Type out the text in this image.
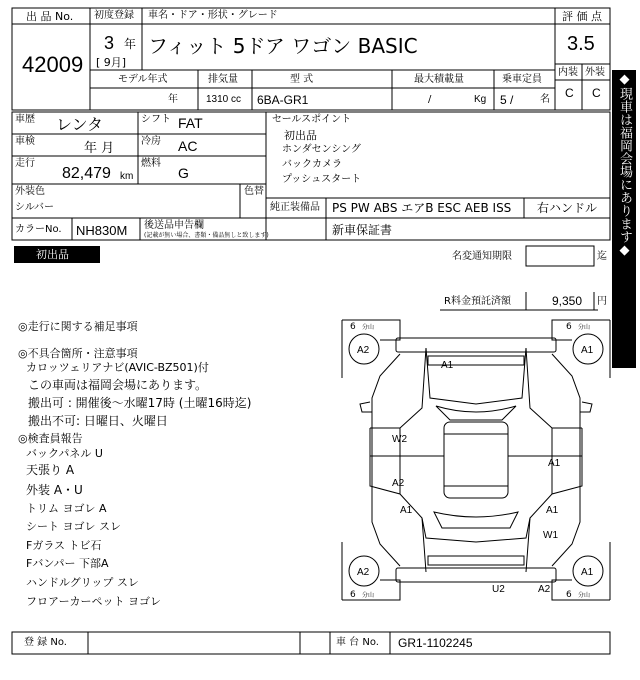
出 品 No.
42009
初度登録
3 年
[ 9月]
車名・ドア・形状・グレード
フィット 5ドア ワゴン BASIC
評 価 点
3.5
内装 外装
C C
モデル年式
年
排気量
1310 cc
型 式
6BA-GR1
最大積載量
/	Kg
乗車定員
5 /	名
車歴 レンタ	シフト FAT
車検	年 月	冷房 AC
走行
82,479 km
燃料
G
外装色
シルバー
色替
カラーNo. NH830M 後送品申告欄
(記載が無い場合、書類・備品無しと致します)
セールスポイント
初出品
ホンダセンシング
バックカメラ
プッシュスタート
純正装備品 PS PW ABS エアB ESC AEB ISS 右ハンドル
新車保証書
初出品	◆現車は福岡会場にあります◆
名変通知期限	迄
R料金預託済額	9,350 円
◎走行に関する補足事項
◎不具合箇所・注意事項
カロッツェリアナビ(AVIC-BZ501)付
この車両は福岡会場にあります。
搬出可 : 開催後～水曜17時 (土曜16時迄)
搬出不可: 日曜日、火曜日
◎検査員報告
バックパネル U
天張り A
外装 A・U
トリム ヨゴレ A
シート ヨゴレ スレ
Fガラス トビ石
Fバンパー 下部A
ハンドルグリップ スレ
フロアーカーペット ヨゴレ
6 分山	6 分山
6 分山	6 分山
A2	A1
A1
W2
A1
A2
A1	A1
W1
A2	A1
U2	A2
登 録 No.	車 台 No. GR1-1102245
